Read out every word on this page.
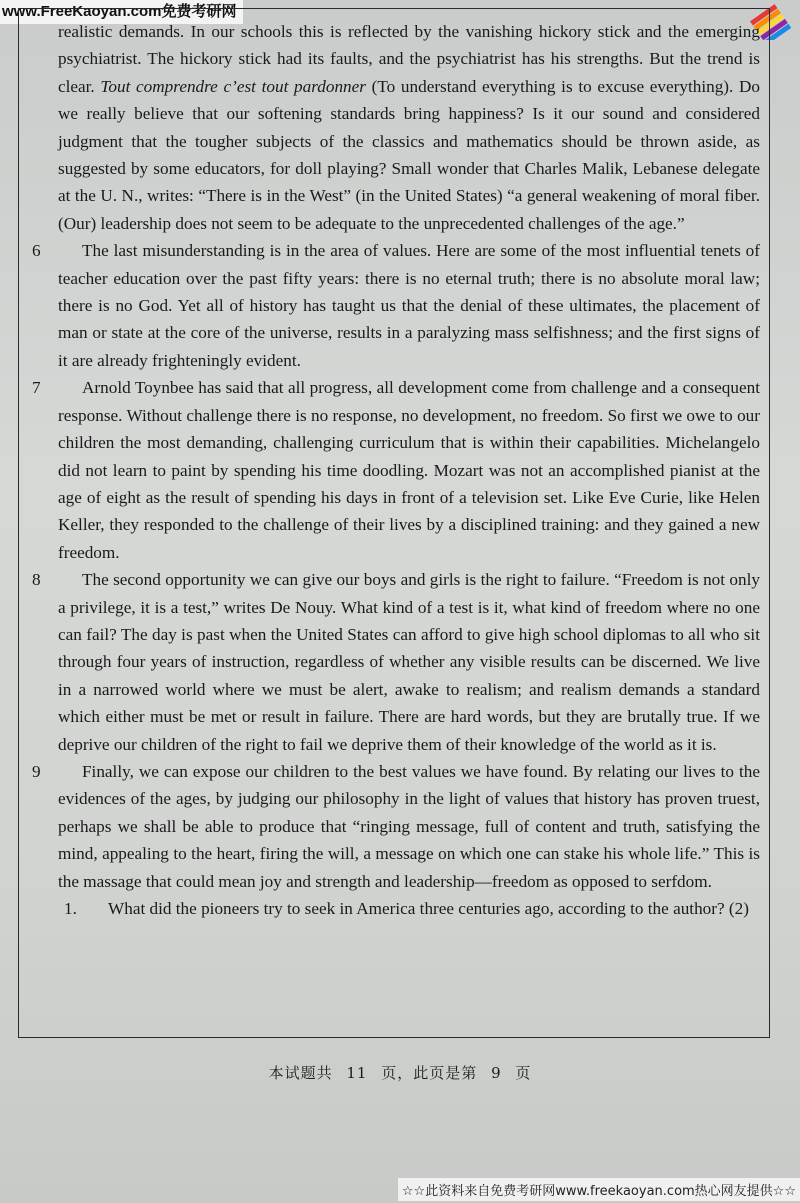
www.FreeKaoyan.com免费考研网

realistic demands. In our schools this is reflected by the vanishing hickory stick and the emerging psychiatrist. The hickory stick had its faults, and the psychiatrist has his strengths. But the trend is clear. Tout comprendre c’est tout pardonner (To understand everything is to excuse everything). Do we really believe that our softening standards bring happiness? Is it our sound and considered judgment that the tougher subjects of the classics and mathematics should be thrown aside, as suggested by some educators, for doll playing? Small wonder that Charles Malik, Lebanese delegate at the U. N., writes: “There is in the West” (in the United States) “a general weakening of moral fiber. (Our) leadership does not seem to be adequate to the unprecedented challenges of the age.”

6 The last misunderstanding is in the area of values. Here are some of the most influential tenets of teacher education over the past fifty years: there is no eternal truth; there is no absolute moral law; there is no God. Yet all of history has taught us that the denial of these ultimates, the placement of man or state at the core of the universe, results in a paralyzing mass selfishness; and the first signs of it are already frighteningly evident.

7 Arnold Toynbee has said that all progress, all development come from challenge and a consequent response. Without challenge there is no response, no development, no freedom. So first we owe to our children the most demanding, challenging curriculum that is within their capabilities. Michelangelo did not learn to paint by spending his time doodling. Mozart was not an accomplished pianist at the age of eight as the result of spending his days in front of a television set. Like Eve Curie, like Helen Keller, they responded to the challenge of their lives by a disciplined training: and they gained a new freedom.

8 The second opportunity we can give our boys and girls is the right to failure. “Freedom is not only a privilege, it is a test,” writes De Nouy. What kind of a test is it, what kind of freedom where no one can fail? The day is past when the United States can afford to give high school diplomas to all who sit through four years of instruction, regardless of whether any visible results can be discerned. We live in a narrowed world where we must be alert, awake to realism; and realism demands a standard which either must be met or result in failure. There are hard words, but they are brutally true. If we deprive our children of the right to fail we deprive them of their knowledge of the world as it is.

9 Finally, we can expose our children to the best values we have found. By relating our lives to the evidences of the ages, by judging our philosophy in the light of values that history has proven truest, perhaps we shall be able to produce that “ringing message, full of content and truth, satisfying the mind, appealing to the heart, firing the will, a message on which one can stake his whole life.” This is the massage that could mean joy and strength and leadership—freedom as opposed to serfdom.

1. What did the pioneers try to seek in America three centuries ago, according to the author? (2)

本试题共 11 页，此页是第 9 页
☆☆此资料来自免费考研网www.freekaoyan.com热心网友提供☆☆
